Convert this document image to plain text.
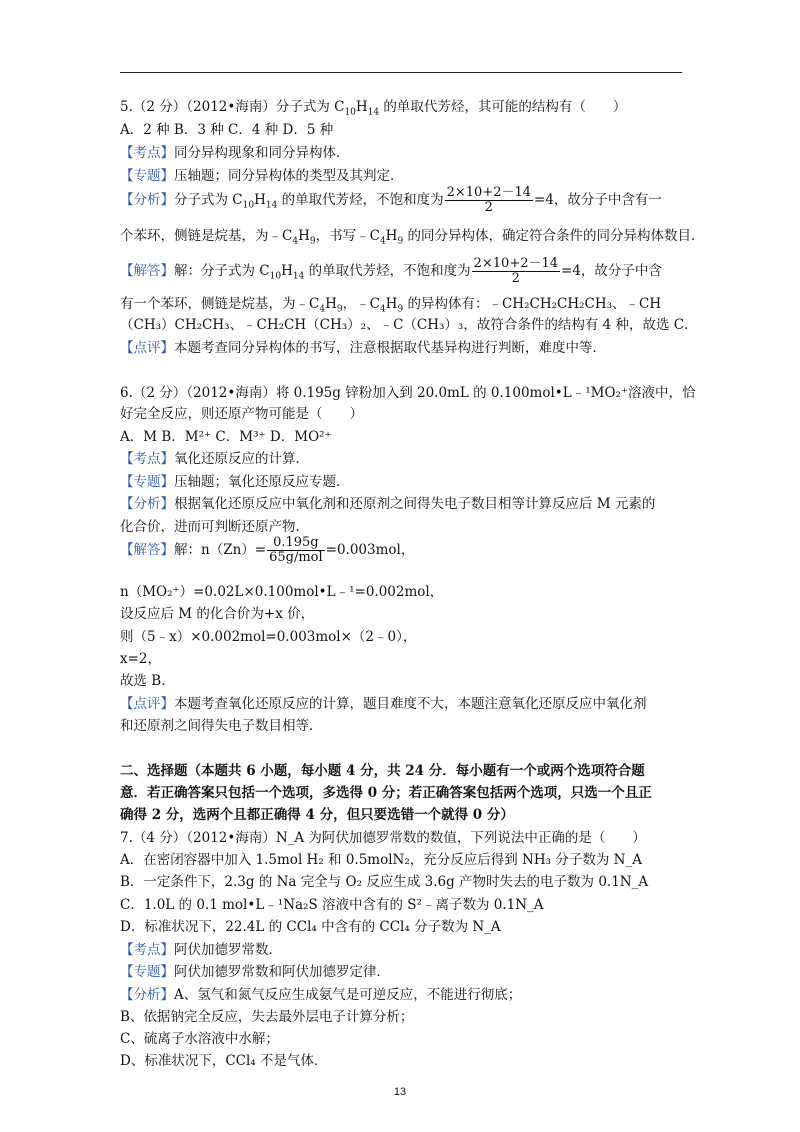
5.（2 分）（2012•海南）分子式为 $C_{10}H_{14}$ 的单取代芳烃，其可能的结构有（　　）
A．2 种 B．3 种 C．4 种 D．5 种
【考点】同分异构现象和同分异构体．
【专题】压轴题；同分异构体的类型及其判定．
【分析】分子式为 $C_{10}H_{14}$ 的单取代芳烃，不饱和度为 $\frac{2\times 10+2-14}{2} =4$，故分子中含有一
个苯环，侧链是烷基，为$﹣C_4H_9$，书写$﹣C_4H_9$ 的同分异构体，确定符合条件的同分异构体数目．
【解答】解：分子式为 $C_{10}H_{14}$ 的单取代芳烃，不饱和度为 $\frac{2\times 10+2-14}{2} =4$，故分子中含
有一个苯环，侧链是烷基，为$﹣C_4H_9$，$﹣C_4H_9$ 的异构体有：﹣CH₂CH₂CH₂CH₃、﹣CH
（CH₃）CH₂CH₃、﹣CH₂CH（CH₃）₂、﹣C（CH₃）₃，故符合条件的结构有 4 种，故选 C．
【点评】本题考查同分异构体的书写，注意根据取代基异构进行判断，难度中等．
6.（2 分）（2012•海南）将 0.195g 锌粉加入到 20.0mL 的 0.100mol•L﹣¹MO₂⁺溶液中，恰
好完全反应，则还原产物可能是（　　）
A．M B．M²⁺ C．M³⁺ D．MO²⁺
【考点】氧化还原反应的计算．
【专题】压轴题；氧化还原反应专题．
【分析】根据氧化还原反应中氧化剂和还原剂之间得失电子数目相等计算反应后 M 元素的
化合价，进而可判断还原产物．
【解答】解：$n(Zn)= \frac{0.195g}{\text{65g/mol}} =0.003mol$，
n（MO₂⁺）=0.02L×0.100mol•L﹣¹=0.002mol，
设反应后 M 的化合价为+x 价，
则（5﹣x）×0.002mol=0.003mol×（2﹣0），
x=2，
故选 B．
【点评】本题考查氧化还原反应的计算，题目难度不大，本题注意氧化还原反应中氧化剂
和还原剂之间得失电子数目相等．
二、选择题（本题共 6 小题，每小题 4 分，共 24 分．每小题有一个或两个选项符合题
意．若正确答案只包括一个选项，多选得 0 分；若正确答案包括两个选项，只选一个且正
确得 2 分，选两个且都正确得 4 分，但只要选错一个就得 0 分）
7.（4 分）（2012•海南）N_A 为阿伏加德罗常数的数值，下列说法中正确的是（　　）
A．在密闭容器中加入 1.5mol H₂ 和 0.5molN₂，充分反应后得到 NH₃ 分子数为 N_A
B．一定条件下，2.3g 的 Na 完全与 O₂ 反应生成 3.6g 产物时失去的电子数为 0.1N_A
C．1.0L 的 0.1 mol•L﹣¹Na₂S 溶液中含有的 S²﹣离子数为 0.1N_A
D．标准状况下，22.4L 的 CCl₄ 中含有的 CCl₄ 分子数为 N_A
【考点】阿伏加德罗常数．
【专题】阿伏加德罗常数和阿伏加德罗定律．
【分析】A、氢气和氮气反应生成氨气是可逆反应，不能进行彻底；
B、依据钠完全反应，失去最外层电子计算分析；
C、硫离子水溶液中水解；
D、标准状况下，CCl₄ 不是气体．
13
